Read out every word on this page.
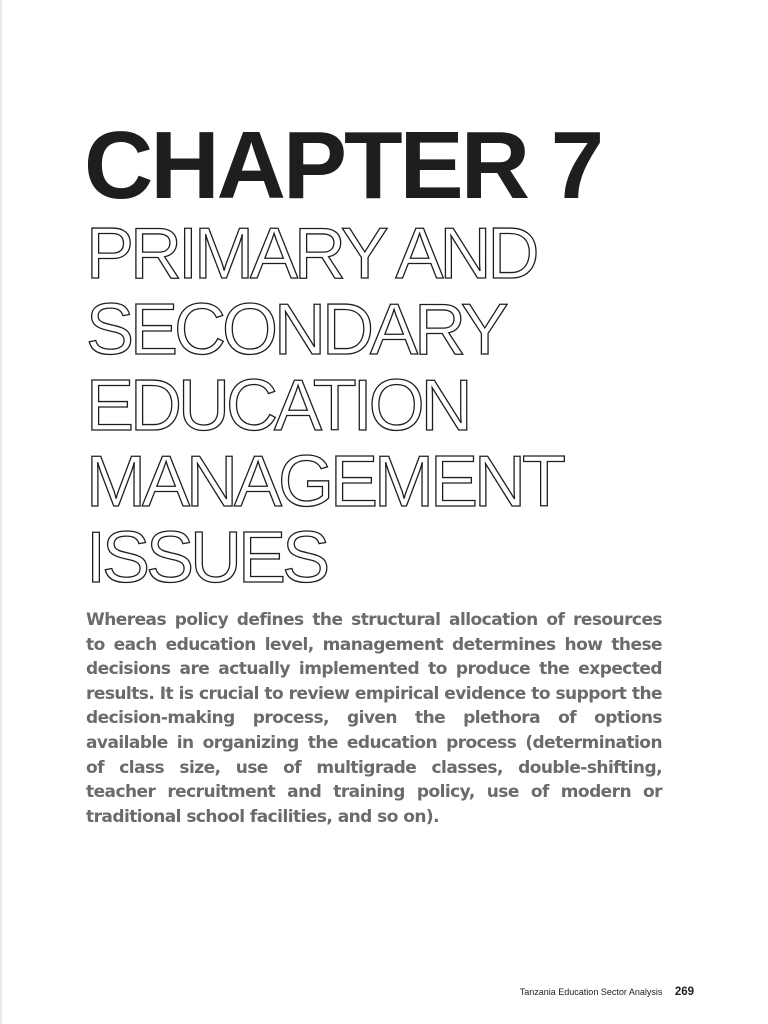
CHAPTER 7
PRIMARY AND
SECONDARY
EDUCATION
MANAGEMENT
ISSUES

Whereas policy defines the structural allocation of resources to each education level, management determines how these decisions are actually implemented to produce the expected results. It is crucial to review empirical evidence to support the decision-making process, given the plethora of options available in organizing the education process (determination of class size, use of multigrade classes, double-shifting, teacher recruitment and training policy, use of modern or traditional school facilities, and so on).

Tanzania Education Sector Analysis 269
